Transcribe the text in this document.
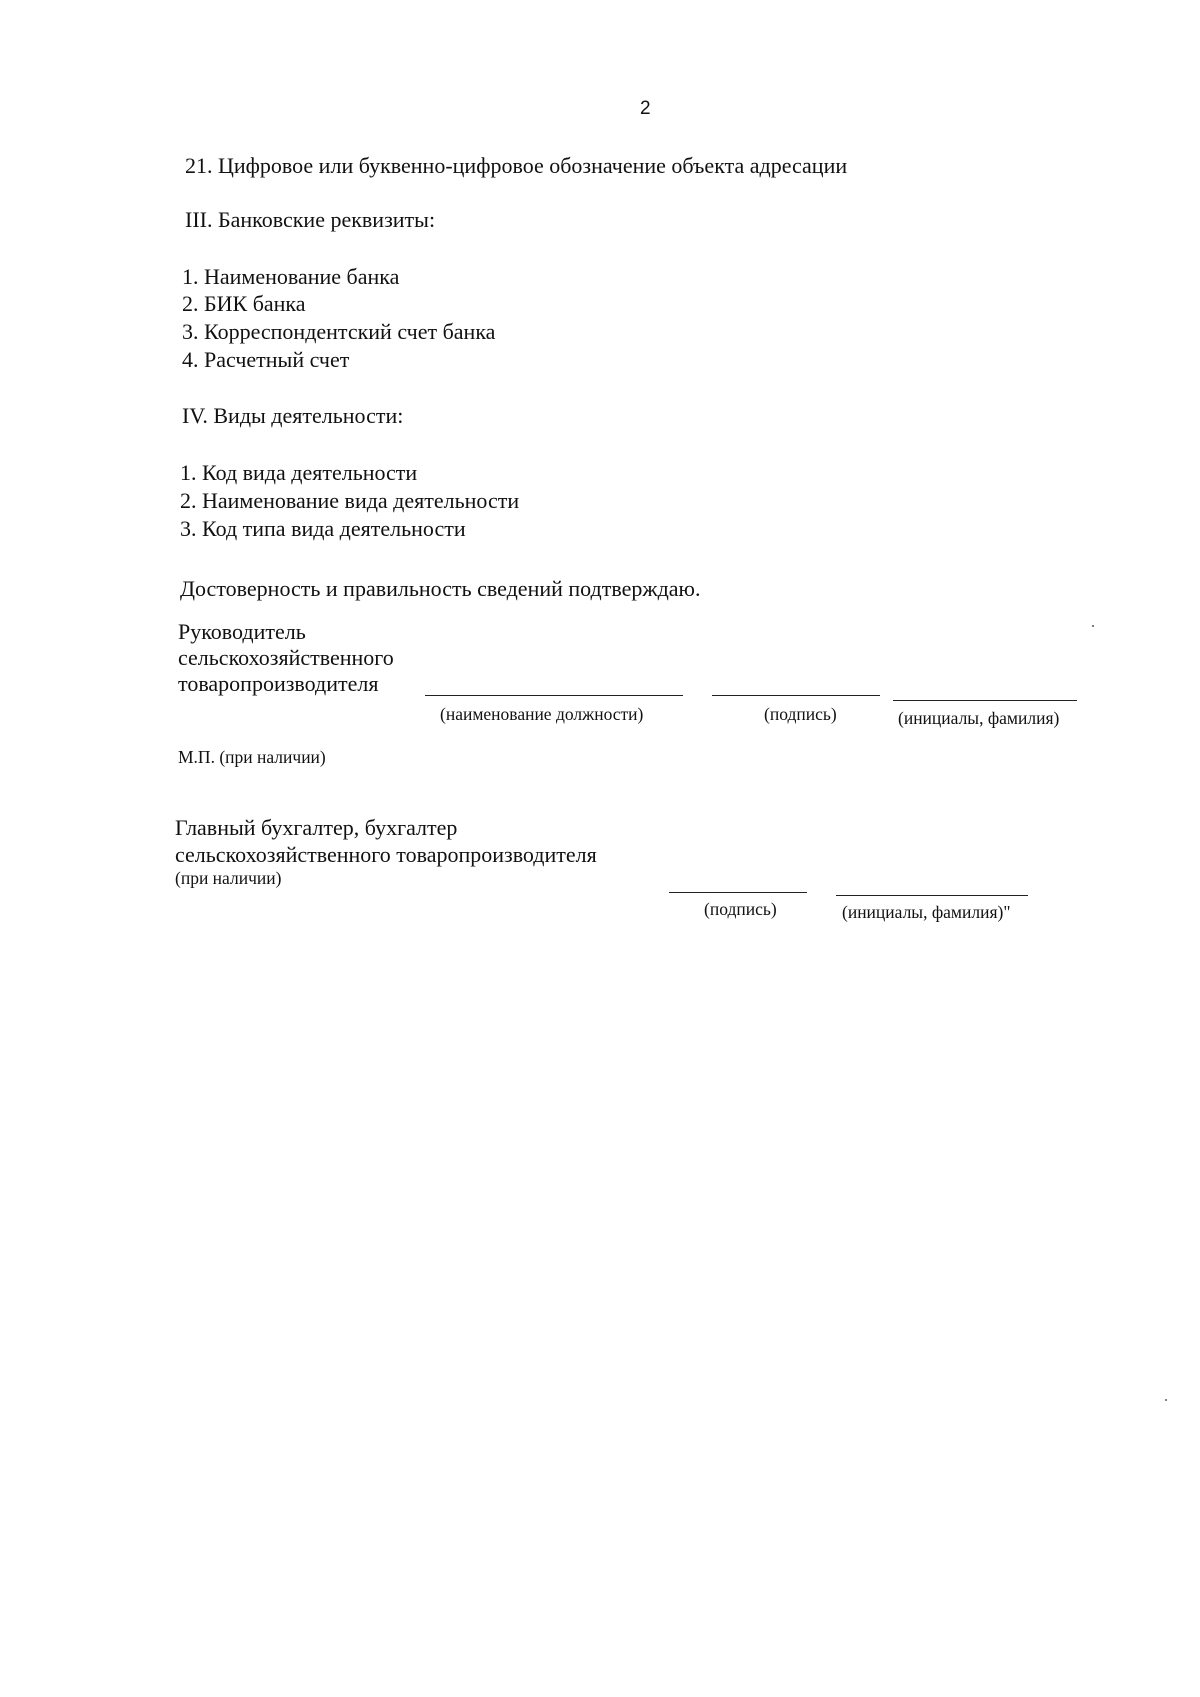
2
21. Цифровое или буквенно-цифровое обозначение объекта адресации
III. Банковские реквизиты:
1. Наименование банка
2. БИК банка
3. Корреспондентский счет банка
4. Расчетный счет
IV. Виды деятельности:
1. Код вида деятельности
2. Наименование вида деятельности
3. Код типа вида деятельности
Достоверность и правильность сведений подтверждаю.
Руководитель
сельскохозяйственного
товаропроизводителя
(наименование должности)	(подпись)	(инициалы, фамилия)
М.П. (при наличии)
Главный бухгалтер, бухгалтер
сельскохозяйственного товаропроизводителя
(при наличии)
(подпись)	(инициалы, фамилия)"
